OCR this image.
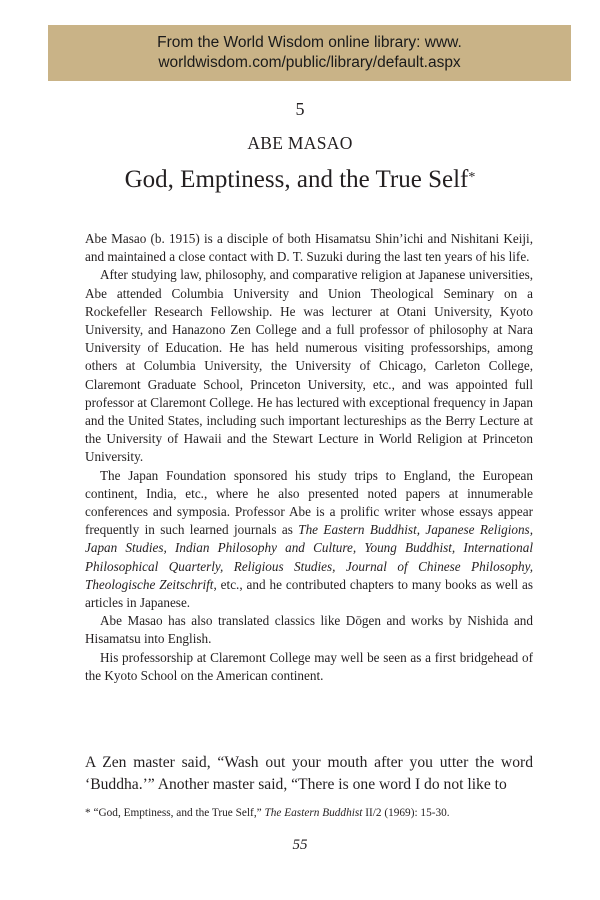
From the World Wisdom online library: www.
worldwisdom.com/public/library/default.aspx
5
ABE MASAO
God, Emptiness, and the True Self*

Abe Masao (b. 1915) is a disciple of both Hisamatsu Shin’ichi and Nishitani Keiji, and maintained a close contact with D. T. Suzuki during the last ten years of his life.

After studying law, philosophy, and comparative religion at Japanese universities, Abe attended Columbia University and Union Theological Seminary on a Rockefeller Research Fellowship. He was lecturer at Otani University, Kyoto University, and Hanazono Zen College and a full professor of philosophy at Nara University of Education. He has held numerous visiting professorships, among others at Columbia University, the University of Chicago, Carleton College, Claremont Graduate School, Princeton University, etc., and was appointed full professor at Claremont College. He has lectured with exceptional frequency in Japan and the United States, including such important lectureships as the Berry Lecture at the University of Hawaii and the Stewart Lecture in World Religion at Princeton University.

The Japan Foundation sponsored his study trips to England, the European continent, India, etc., where he also presented noted papers at innumerable conferences and symposia. Professor Abe is a prolific writer whose essays appear frequently in such learned journals as The Eastern Buddhist, Japanese Religions, Japan Studies, Indian Philosophy and Culture, Young Buddhist, International Philosophical Quarterly, Religious Studies, Journal of Chinese Philosophy, Theologische Zeitschrift, etc., and he contributed chapters to many books as well as articles in Japanese.

Abe Masao has also translated classics like Dōgen and works by Nishida and Hisamatsu into English.

His professorship at Claremont College may well be seen as a first bridgehead of the Kyoto School on the American continent.

A Zen master said, “Wash out your mouth after you utter the word ‘Buddha.’” Another master said, “There is one word I do not like to

* “God, Emptiness, and the True Self,” The Eastern Buddhist II/2 (1969): 15-30.
55
